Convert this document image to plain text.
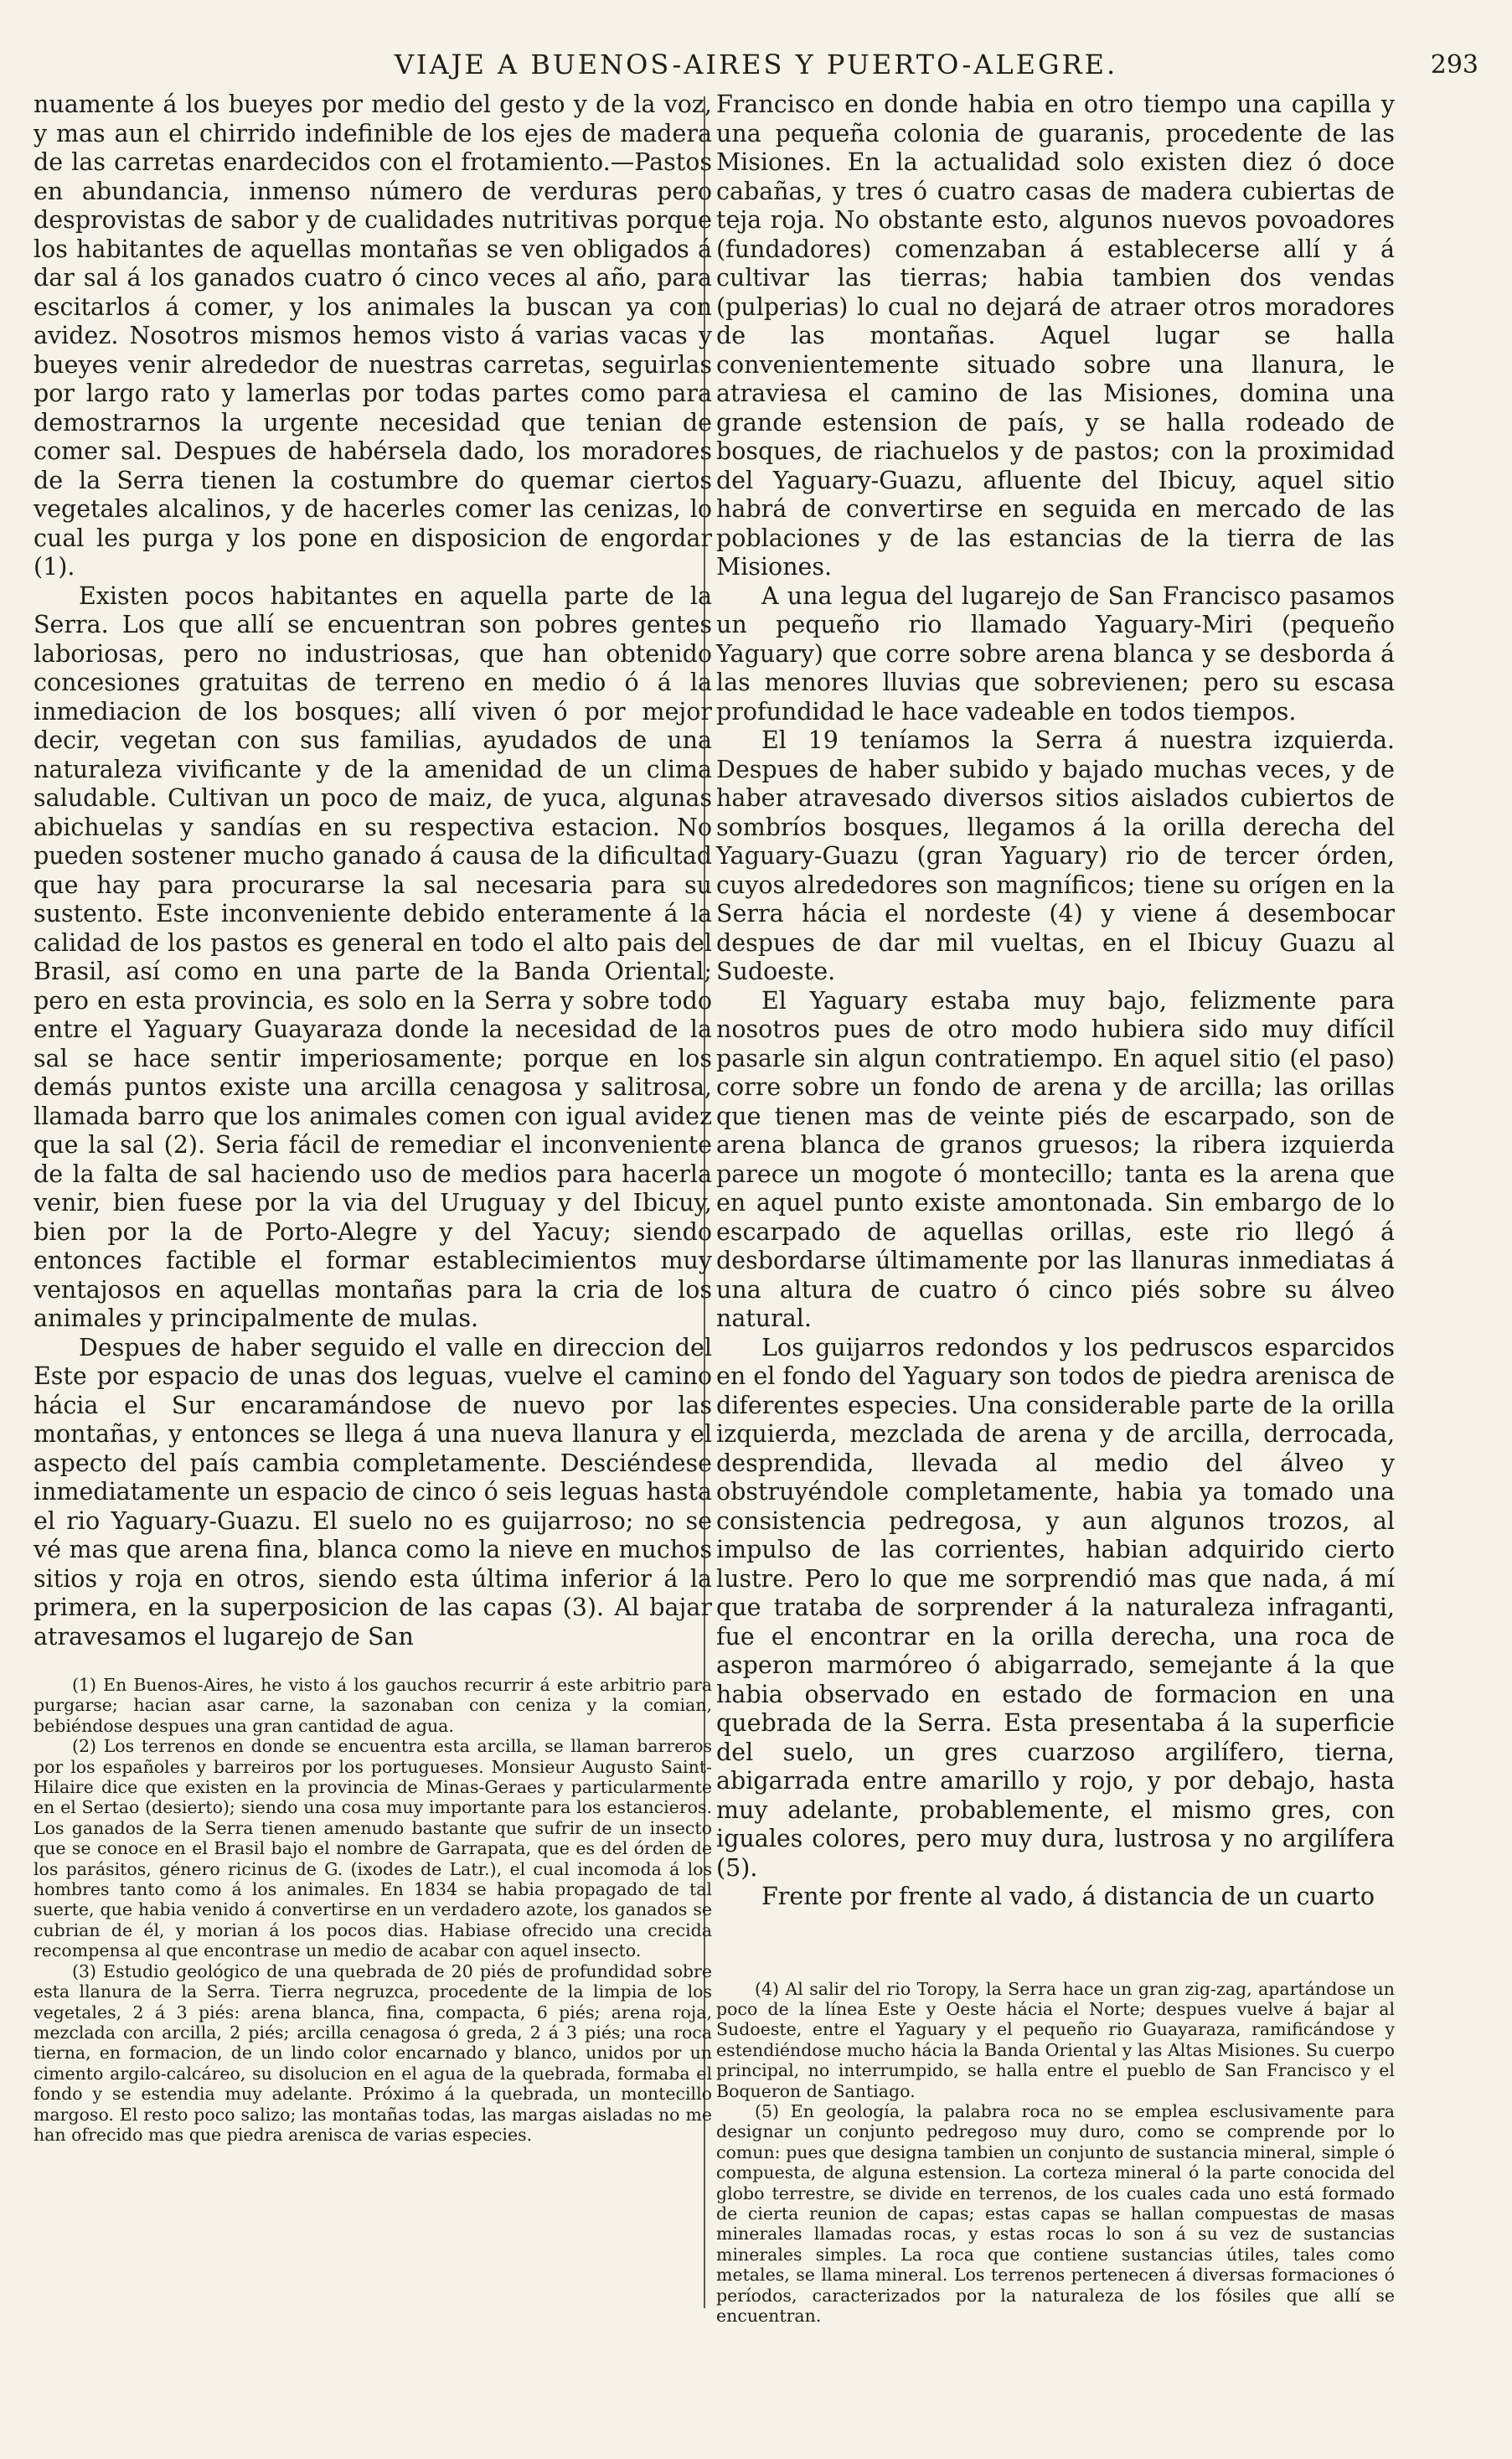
VIAJE A BUENOS-AIRES Y PUERTO-ALEGRE.	293

nuamente á los bueyes por medio del gesto y de la voz, y mas aun el chirrido indefinible de los ejes de madera de las carretas enardecidos con el frotamiento.—Pastos en abundancia, inmenso número de verduras pero desprovistas de sabor y de cualidades nutritivas porque los habitantes de aquellas montañas se ven obligados á dar sal á los ganados cuatro ó cinco veces al año, para escitarlos á comer, y los animales la buscan ya con avidez. Nosotros mismos hemos visto á varias vacas y bueyes venir alrededor de nuestras carretas, seguirlas por largo rato y lamerlas por todas partes como para demostrarnos la urgente necesidad que tenian de comer sal. Despues de habérsela dado, los moradores de la Serra tienen la costumbre do quemar ciertos vegetales alcalinos, y de hacerles comer las cenizas, lo cual les purga y los pone en disposicion de engordar (1).

Existen pocos habitantes en aquella parte de la Serra. Los que allí se encuentran son pobres gentes laboriosas, pero no industriosas, que han obtenido concesiones gratuitas de terreno en medio ó á la inmediacion de los bosques; allí viven ó por mejor decir, vegetan con sus familias, ayudados de una naturaleza vivificante y de la amenidad de un clima saludable. Cultivan un poco de maiz, de yuca, algunas abichuelas y sandías en su respectiva estacion. No pueden sostener mucho ganado á causa de la dificultad que hay para procurarse la sal necesaria para su sustento. Este inconveniente debido enteramente á la calidad de los pastos es general en todo el alto pais del Brasil, así como en una parte de la Banda Oriental; pero en esta provincia, es solo en la Serra y sobre todo entre el Yaguary Guayaraza donde la necesidad de la sal se hace sentir imperiosamente; porque en los demás puntos existe una arcilla cenagosa y salitrosa, llamada barro que los animales comen con igual avidez que la sal (2). Seria fácil de remediar el inconveniente de la falta de sal haciendo uso de medios para hacerla venir, bien fuese por la via del Uruguay y del Ibicuy, bien por la de Porto-Alegre y del Yacuy; siendo entonces factible el formar establecimientos muy ventajosos en aquellas montañas para la cria de los animales y principalmente de mulas.

Despues de haber seguido el valle en direccion del Este por espacio de unas dos leguas, vuelve el camino hácia el Sur encaramándose de nuevo por las montañas, y entonces se llega á una nueva llanura y el aspecto del país cambia completamente. Desciéndese inmediatamente un espacio de cinco ó seis leguas hasta el rio Yaguary-Guazu. El suelo no es guijarroso; no se vé mas que arena fina, blanca como la nieve en muchos sitios y roja en otros, siendo esta última inferior á la primera, en la superposicion de las capas (3). Al bajar atravesamos el lugarejo de San

(1) En Buenos-Aires, he visto á los gauchos recurrir á este arbitrio para purgarse; hacian asar carne, la sazonaban con ceniza y la comian, bebiéndose despues una gran cantidad de agua.

(2) Los terrenos en donde se encuentra esta arcilla, se llaman barreros por los españoles y barreiros por los portugueses. Monsieur Augusto Saint-Hilaire dice que existen en la provincia de Minas-Geraes y particularmente en el Sertao (desierto); siendo una cosa muy importante para los estancieros. Los ganados de la Serra tienen amenudo bastante que sufrir de un insecto que se conoce en el Brasil bajo el nombre de Garrapata, que es del órden de los parásitos, género ricinus de G. (ixodes de Latr.), el cual incomoda á los hombres tanto como á los animales. En 1834 se habia propagado de tal suerte, que habia venido á convertirse en un verdadero azote, los ganados se cubrian de él, y morian á los pocos dias. Habiase ofrecido una crecida recompensa al que encontrase un medio de acabar con aquel insecto.

(3) Estudio geológico de una quebrada de 20 piés de profundidad sobre esta llanura de la Serra. Tierra negruzca, procedente de la limpia de los vegetales, 2 á 3 piés: arena blanca, fina, compacta, 6 piés; arena roja, mezclada con arcilla, 2 piés; arcilla cenagosa ó greda, 2 á 3 piés; una roca tierna, en formacion, de un lindo color encarnado y blanco, unidos por un cimento argilo-calcáreo, su disolucion en el agua de la quebrada, formaba el fondo y se estendia muy adelante. Próximo á la quebrada, un montecillo margoso. El resto poco salizo; las montañas todas, las margas aisladas no me han ofrecido mas que piedra arenisca de varias especies.

Francisco en donde habia en otro tiempo una capilla y una pequeña colonia de guaranis, procedente de las Misiones. En la actualidad solo existen diez ó doce cabañas, y tres ó cuatro casas de madera cubiertas de teja roja. No obstante esto, algunos nuevos povoadores (fundadores) comenzaban á establecerse allí y á cultivar las tierras; habia tambien dos vendas (pulperias) lo cual no dejará de atraer otros moradores de las montañas. Aquel lugar se halla convenientemente situado sobre una llanura, le atraviesa el camino de las Misiones, domina una grande estension de país, y se halla rodeado de bosques, de riachuelos y de pastos; con la proximidad del Yaguary-Guazu, afluente del Ibicuy, aquel sitio habrá de convertirse en seguida en mercado de las poblaciones y de las estancias de la tierra de las Misiones.

A una legua del lugarejo de San Francisco pasamos un pequeño rio llamado Yaguary-Miri (pequeño Yaguary) que corre sobre arena blanca y se desborda á las menores lluvias que sobrevienen; pero su escasa profundidad le hace vadeable en todos tiempos.

El 19 teníamos la Serra á nuestra izquierda. Despues de haber subido y bajado muchas veces, y de haber atravesado diversos sitios aislados cubiertos de sombríos bosques, llegamos á la orilla derecha del Yaguary-Guazu (gran Yaguary) rio de tercer órden, cuyos alrededores son magníficos; tiene su orígen en la Serra hácia el nordeste (4) y viene á desembocar despues de dar mil vueltas, en el Ibicuy Guazu al Sudoeste.

El Yaguary estaba muy bajo, felizmente para nosotros pues de otro modo hubiera sido muy difícil pasarle sin algun contratiempo. En aquel sitio (el paso) corre sobre un fondo de arena y de arcilla; las orillas que tienen mas de veinte piés de escarpado, son de arena blanca de granos gruesos; la ribera izquierda parece un mogote ó montecillo; tanta es la arena que en aquel punto existe amontonada. Sin embargo de lo escarpado de aquellas orillas, este rio llegó á desbordarse últimamente por las llanuras inmediatas á una altura de cuatro ó cinco piés sobre su álveo natural.

Los guijarros redondos y los pedruscos esparcidos en el fondo del Yaguary son todos de piedra arenisca de diferentes especies. Una considerable parte de la orilla izquierda, mezclada de arena y de arcilla, derrocada, desprendida, llevada al medio del álveo y obstruyéndole completamente, habia ya tomado una consistencia pedregosa, y aun algunos trozos, al impulso de las corrientes, habian adquirido cierto lustre. Pero lo que me sorprendió mas que nada, á mí que trataba de sorprender á la naturaleza infraganti, fue el encontrar en la orilla derecha, una roca de asperon marmóreo ó abigarrado, semejante á la que habia observado en estado de formacion en una quebrada de la Serra. Esta presentaba á la superficie del suelo, un gres cuarzoso argilífero, tierna, abigarrada entre amarillo y rojo, y por debajo, hasta muy adelante, probablemente, el mismo gres, con iguales colores, pero muy dura, lustrosa y no argilífera (5).

Frente por frente al vado, á distancia de un cuarto

(4) Al salir del rio Toropy, la Serra hace un gran zig-zag, apartándose un poco de la línea Este y Oeste hácia el Norte; despues vuelve á bajar al Sudoeste, entre el Yaguary y el pequeño rio Guayaraza, ramificándose y estendiéndose mucho hácia la Banda Oriental y las Altas Misiones. Su cuerpo principal, no interrumpido, se halla entre el pueblo de San Francisco y el Boqueron de Santiago.

(5) En geología, la palabra roca no se emplea esclusivamente para designar un conjunto pedregoso muy duro, como se comprende por lo comun: pues que designa tambien un conjunto de sustancia mineral, simple ó compuesta, de alguna estension. La corteza mineral ó la parte conocida del globo terrestre, se divide en terrenos, de los cuales cada uno está formado de cierta reunion de capas; estas capas se hallan compuestas de masas minerales llamadas rocas, y estas rocas lo son á su vez de sustancias minerales simples. La roca que contiene sustancias útiles, tales como metales, se llama mineral. Los terrenos pertenecen á diversas formaciones ó períodos, caracterizados por la naturaleza de los fósiles que allí se encuentran.
